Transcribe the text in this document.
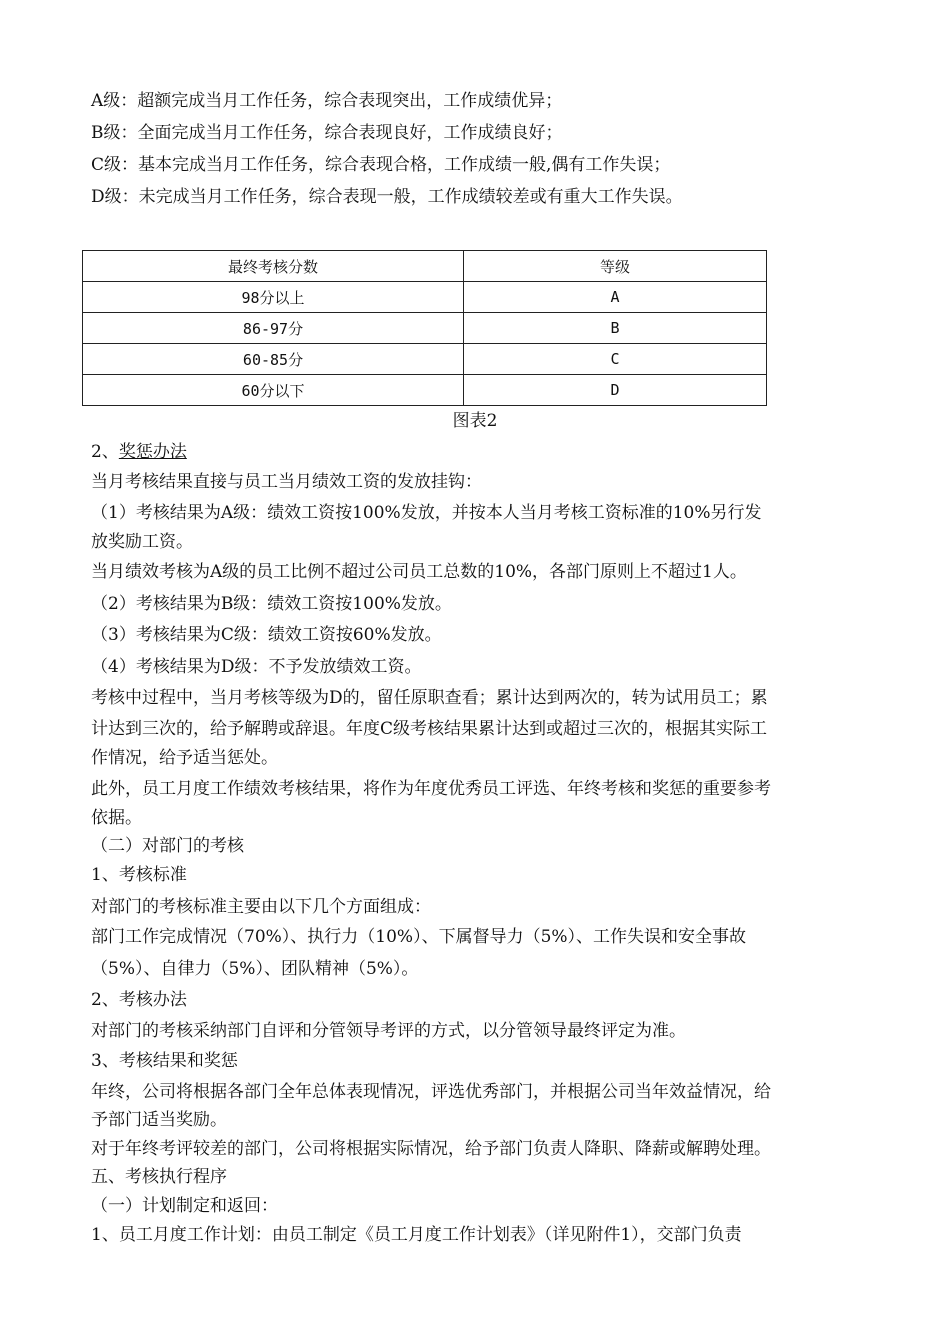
A级：超额完成当月工作任务，综合表现突出，工作成绩优异；
B级：全面完成当月工作任务，综合表现良好，工作成绩良好；
C级：基本完成当月工作任务，综合表现合格，工作成绩一般,偶有工作失误；
D级：未完成当月工作任务，综合表现一般，工作成绩较差或有重大工作失误。
最终考核分数	等级
98分以上	A
86-97分	B
60-85分	C
60分以下	D
图表2
2、奖惩办法
当月考核结果直接与员工当月绩效工资的发放挂钩：
（1）考核结果为A级：绩效工资按100%发放，并按本人当月考核工资标准的10%另行发
放奖励工资。
当月绩效考核为A级的员工比例不超过公司员工总数的10%，各部门原则上不超过1人。
（2）考核结果为B级：绩效工资按100%发放。
（3）考核结果为C级：绩效工资按60%发放。
（4）考核结果为D级：不予发放绩效工资。
考核中过程中，当月考核等级为D的，留任原职查看；累计达到两次的，转为试用员工；累
计达到三次的，给予解聘或辞退。年度C级考核结果累计达到或超过三次的，根据其实际工
作情况，给予适当惩处。
此外，员工月度工作绩效考核结果，将作为年度优秀员工评选、年终考核和奖惩的重要参考
依据。
（二）对部门的考核
1、考核标准
对部门的考核标准主要由以下几个方面组成：
部门工作完成情况（70%）、执行力（10%）、下属督导力（5%）、工作失误和安全事故
（5%）、自律力（5%）、团队精神（5%）。
2、考核办法
对部门的考核采纳部门自评和分管领导考评的方式，以分管领导最终评定为准。
3、考核结果和奖惩
年终，公司将根据各部门全年总体表现情况，评选优秀部门，并根据公司当年效益情况，给
予部门适当奖励。
对于年终考评较差的部门，公司将根据实际情况，给予部门负责人降职、降薪或解聘处理。
五、考核执行程序
（一）计划制定和返回：
1、员工月度工作计划：由员工制定《员工月度工作计划表》（详见附件1），交部门负责
